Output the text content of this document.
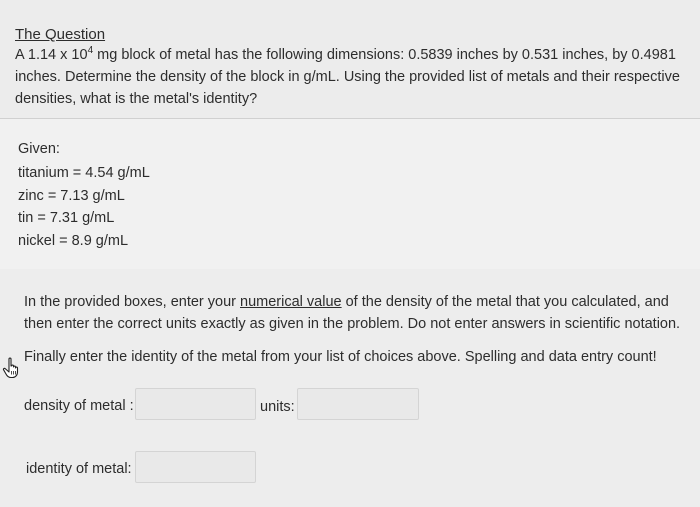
The Question
A 1.14 x $10^4$ mg block of metal has the following dimensions: 0.5839 inches by 0.531 inches, by 0.4981 inches. Determine the density of the block in g/mL. Using the provided list of metals and their respective densities, what is the metal's identity?
Given:
titanium = 4.54 g/mL
zinc = 7.13 g/mL
tin = 7.31 g/mL
nickel = 8.9 g/mL
In the provided boxes, enter your numerical value of the density of the metal that you calculated, and then enter the correct units exactly as given in the problem. Do not enter answers in scientific notation.
Finally enter the identity of the metal from your list of choices above. Spelling and data entry count!
density of metal :	units:
identity of metal:
